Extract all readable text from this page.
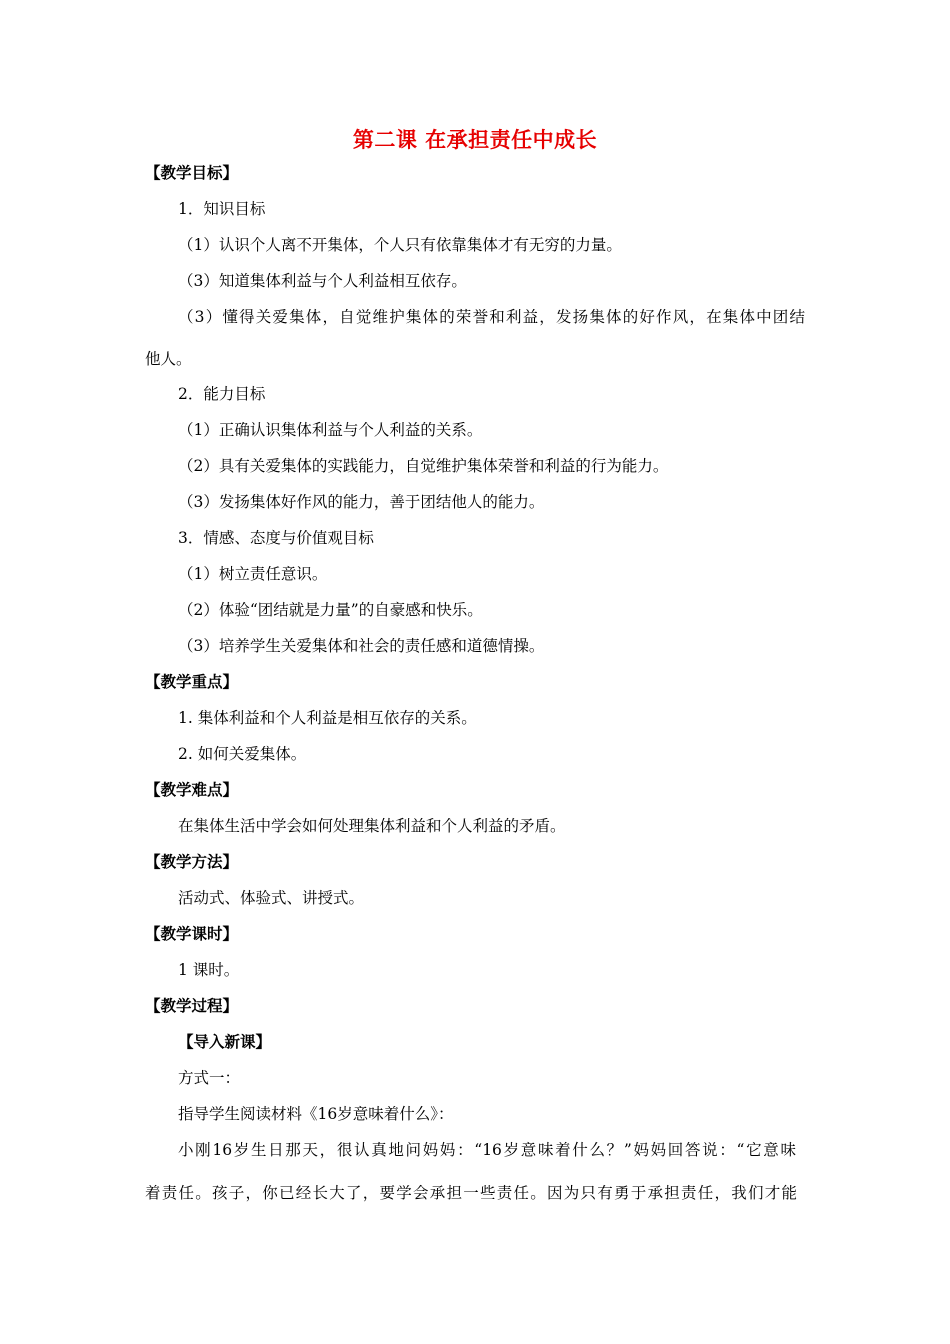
第二课 在承担责任中成长
【教学目标】
1．知识目标
（1）认识个人离不开集体，个人只有依靠集体才有无穷的力量。
（3）知道集体利益与个人利益相互依存。
（3）懂得关爱集体，自觉维护集体的荣誉和利益，发扬集体的好作风，在集体中团结
他人。
2．能力目标
（1）正确认识集体利益与个人利益的关系。
（2）具有关爱集体的实践能力，自觉维护集体荣誉和利益的行为能力。
（3）发扬集体好作风的能力，善于团结他人的能力。
3．情感、态度与价值观目标
（1）树立责任意识。
（2）体验“团结就是力量”的自豪感和快乐。
（3）培养学生关爱集体和社会的责任感和道德情操。
【教学重点】
1. 集体利益和个人利益是相互依存的关系。
2. 如何关爱集体。
【教学难点】
在集体生活中学会如何处理集体利益和个人利益的矛盾。
【教学方法】
活动式、体验式、讲授式。
【教学课时】
1 课时。
【教学过程】
【导入新课】
方式一：
指导学生阅读材料《16岁意味着什么》：
小刚16岁生日那天，很认真地问妈妈：“16岁意味着什么？”妈妈回答说：“它意味
着责任。孩子，你已经长大了，要学会承担一些责任。因为只有勇于承担责任，我们才能
